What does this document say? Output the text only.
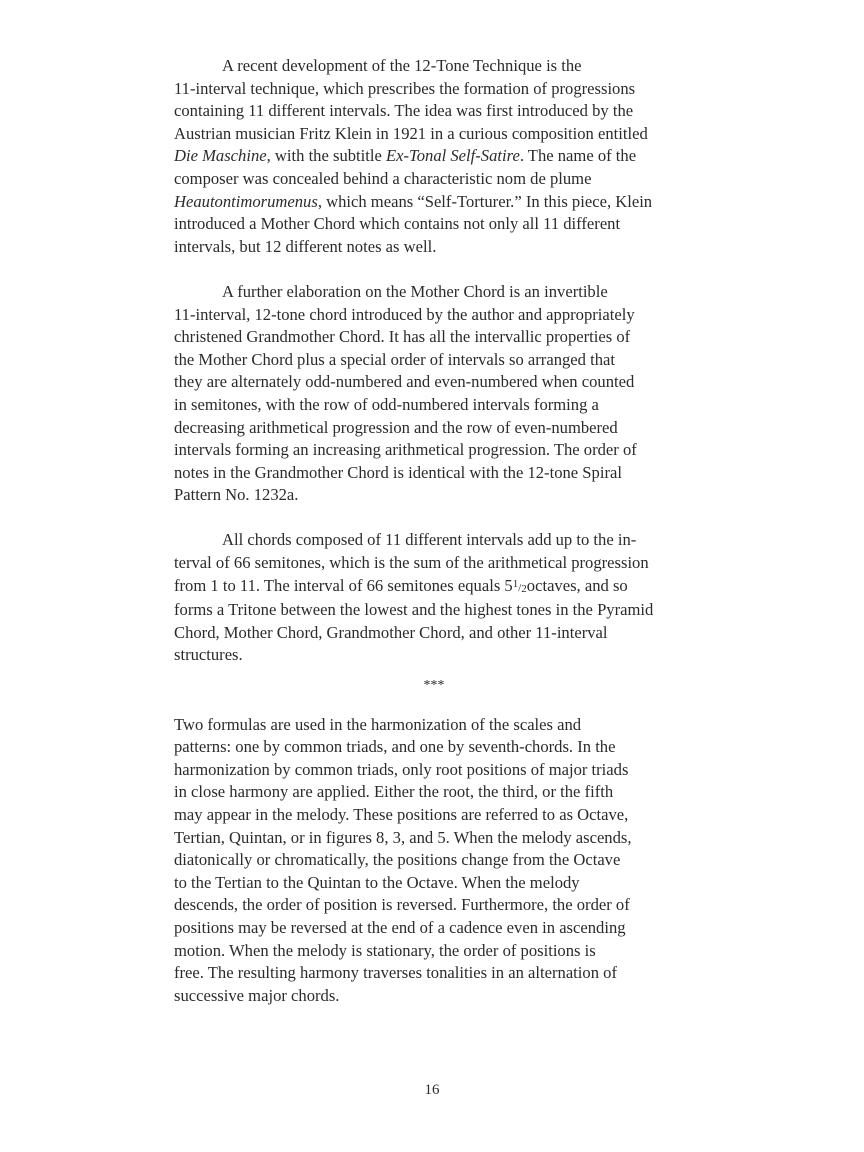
A recent development of the 12-Tone Technique is the
11-interval technique, which prescribes the formation of progressions
containing 11 different intervals. The idea was first introduced by the
Austrian musician Fritz Klein in 1921 in a curious composition entitled
Die Maschine, with the subtitle Ex-Tonal Self-Satire. The name of the
composer was concealed behind a characteristic nom de plume
Heautontimorumenus, which means “Self-Torturer.” In this piece, Klein
introduced a Mother Chord which contains not only all 11 different
intervals, but 12 different notes as well.

A further elaboration on the Mother Chord is an invertible
11-interval, 12-tone chord introduced by the author and appropriately
christened Grandmother Chord. It has all the intervallic properties of
the Mother Chord plus a special order of intervals so arranged that
they are alternately odd-numbered and even-numbered when counted
in semitones, with the row of odd-numbered intervals forming a
decreasing arithmetical progression and the row of even-numbered
intervals forming an increasing arithmetical progression. The order of
notes in the Grandmother Chord is identical with the 12-tone Spiral
Pattern No. 1232a.

All chords composed of 11 different intervals add up to the in-
terval of 66 semitones, which is the sum of the arithmetical progression
from 1 to 11. The interval of 66 semitones equals 51/2octaves, and so
forms a Tritone between the lowest and the highest tones in the Pyramid
Chord, Mother Chord, Grandmother Chord, and other 11-interval
structures.

***

Two formulas are used in the harmonization of the scales and
patterns: one by common triads, and one by seventh-chords. In the
harmonization by common triads, only root positions of major triads
in close harmony are applied. Either the root, the third, or the fifth
may appear in the melody. These positions are referred to as Octave,
Tertian, Quintan, or in figures 8, 3, and 5. When the melody ascends,
diatonically or chromatically, the positions change from the Octave
to the Tertian to the Quintan to the Octave. When the melody
descends, the order of position is reversed. Furthermore, the order of
positions may be reversed at the end of a cadence even in ascending
motion. When the melody is stationary, the order of positions is
free. The resulting harmony traverses tonalities in an alternation of
successive major chords.

16
